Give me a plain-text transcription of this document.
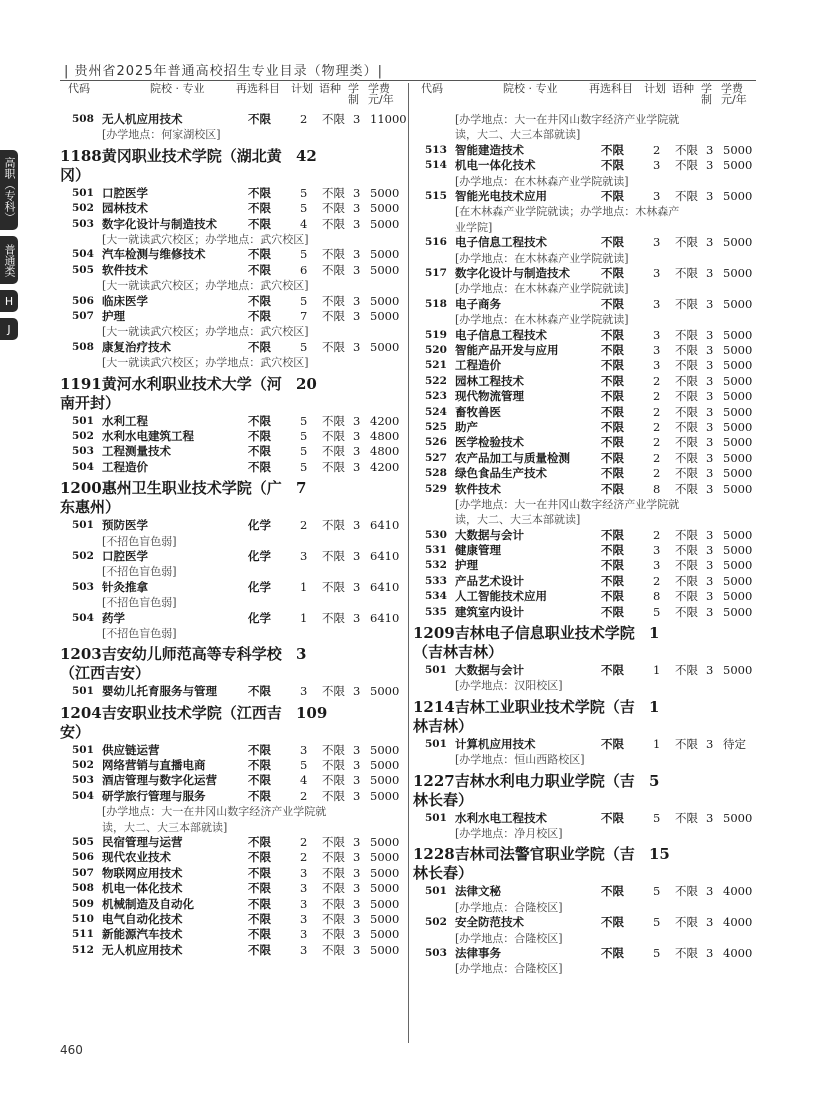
| 贵州省2025年普通高校招生专业目录（物理类）|
高职（专科）
普通类
H
J
代码	院校 · 专业	再选科目 计划 语种 学制
学费元/年
代码	院校 · 专业	再选科目 计划 语种 学制
学费元/年
508 无人机应用技术	不限	2 不限 3 11000
[办学地点：何家湖校区]
1188黄冈职业技术学院（湖北黄冈）
42
501 口腔医学	不限	5 不限 3 5000
502 园林技术	不限	5 不限 3 5000
503 数字化设计与制造技术	不限	4 不限 3 5000
[大一就读武穴校区；办学地点：武穴校区]
504 汽车检测与维修技术	不限	5 不限 3 5000
505 软件技术	不限	6 不限 3 5000
[大一就读武穴校区；办学地点：武穴校区]
506 临床医学	不限	5 不限 3 5000
507 护理	不限	7 不限 3 5000
[大一就读武穴校区；办学地点：武穴校区]
508 康复治疗技术	不限	5 不限 3 5000
[大一就读武穴校区；办学地点：武穴校区]
1191黄河水利职业技术大学（河南开封）
20
501 水利工程	不限	5 不限 3 4200
502 水利水电建筑工程	不限	5 不限 3 4800
503 工程测量技术	不限	5 不限 3 4800
504 工程造价	不限	5 不限 3 4200
1200惠州卫生职业技术学院（广东惠州）
7
501 预防医学	化学	2 不限 3 6410
[不招色盲色弱]
502 口腔医学	化学	3 不限 3 6410
[不招色盲色弱]
503 针灸推拿	化学	1 不限 3 6410
[不招色盲色弱]
504 药学	化学	1 不限 3 6410
[不招色盲色弱]
1203吉安幼儿师范高等专科学校（江西吉安）
3
501 婴幼儿托育服务与管理	不限	3 不限 3 5000
1204吉安职业技术学院（江西吉安）
109
501 供应链运营	不限	3 不限 3 5000
502 网络营销与直播电商	不限	5 不限 3 5000
503 酒店管理与数字化运营	不限	4 不限 3 5000
504 研学旅行管理与服务	不限	2 不限 3 5000
[办学地点：大一在井冈山数字经济产业学院就读，大二、大三本部就读]
505 民宿管理与运营	不限	2 不限 3 5000
506 现代农业技术	不限	2 不限 3 5000
507 物联网应用技术	不限	3 不限 3 5000
508 机电一体化技术	不限	3 不限 3 5000
509 机械制造及自动化	不限	3 不限 3 5000
510 电气自动化技术	不限	3 不限 3 5000
511 新能源汽车技术	不限	3 不限 3 5000
512 无人机应用技术	不限	3 不限 3 5000
[办学地点：大一在井冈山数字经济产业学院就读，大二、大三本部就读]
513 智能建造技术	不限	2 不限 3 5000
514 机电一体化技术	不限	3 不限 3 5000
[办学地点：在木林森产业学院就读]
515 智能光电技术应用	不限	3 不限 3 5000
[在木林森产业学院就读；办学地点：木林森产业学院]
516 电子信息工程技术	不限	3 不限 3 5000
[办学地点：在木林森产业学院就读]
517 数字化设计与制造技术	不限	3 不限 3 5000
[办学地点：在木林森产业学院就读]
518 电子商务	不限	3 不限 3 5000
[办学地点：在木林森产业学院就读]
519 电子信息工程技术	不限	3 不限 3 5000
520 智能产品开发与应用	不限	3 不限 3 5000
521 工程造价	不限	3 不限 3 5000
522 园林工程技术	不限	2 不限 3 5000
523 现代物流管理	不限	2 不限 3 5000
524 畜牧兽医	不限	2 不限 3 5000
525 助产	不限	2 不限 3 5000
526 医学检验技术	不限	2 不限 3 5000
527 农产品加工与质量检测	不限	2 不限 3 5000
528 绿色食品生产技术	不限	2 不限 3 5000
529 软件技术	不限	8 不限 3 5000
[办学地点：大一在井冈山数字经济产业学院就读，大二、大三本部就读]
530 大数据与会计	不限	2 不限 3 5000
531 健康管理	不限	3 不限 3 5000
532 护理	不限	3 不限 3 5000
533 产品艺术设计	不限	2 不限 3 5000
534 人工智能技术应用	不限	8 不限 3 5000
535 建筑室内设计	不限	5 不限 3 5000
1209吉林电子信息职业技术学院（吉林吉林）
1
501 大数据与会计	不限	1 不限 3 5000
[办学地点：汉阳校区]
1214吉林工业职业技术学院（吉林吉林）
1
501 计算机应用技术	不限	1 不限 3 待定
[办学地点：恒山西路校区]
1227吉林水利电力职业学院（吉林长春）
5
501 水利水电工程技术	不限	5 不限 3 5000
[办学地点：净月校区]
1228吉林司法警官职业学院（吉林长春）
15
501 法律文秘	不限	5 不限 3 4000
[办学地点：合隆校区]
502 安全防范技术	不限	5 不限 3 4000
[办学地点：合隆校区]
503 法律事务	不限	5 不限 3 4000
[办学地点：合隆校区]
460
